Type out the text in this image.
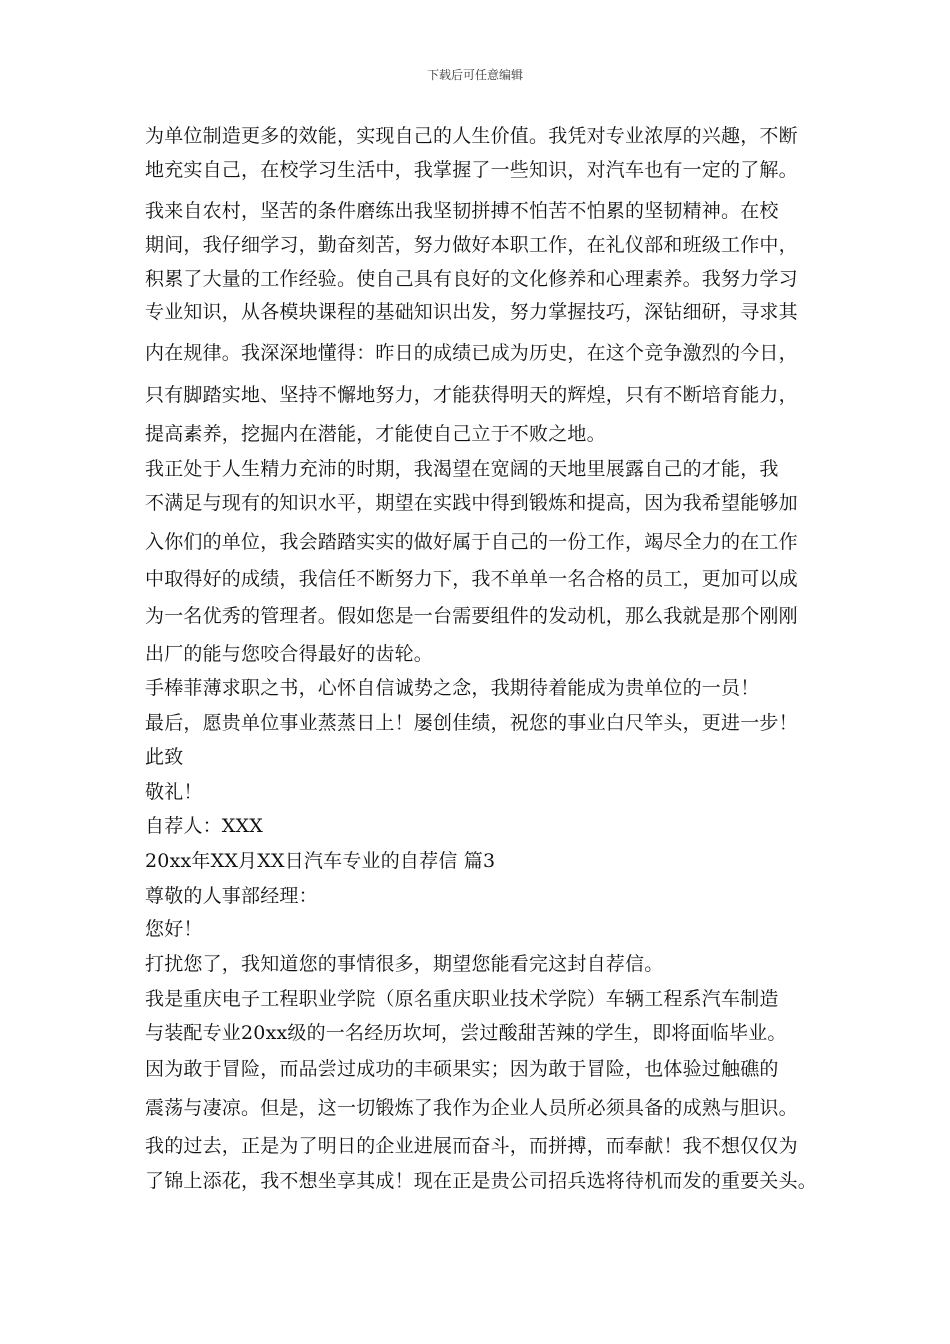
下载后可任意编辑
为单位制造更多的效能，实现自己的人生价值。我凭对专业浓厚的兴趣，不断
地充实自己，在校学习生活中，我掌握了一些知识，对汽车也有一定的了解。
我来自农村，坚苦的条件磨练出我坚韧拼搏不怕苦不怕累的坚韧精神。在校
期间，我仔细学习，勤奋刻苦，努力做好本职工作，在礼仪部和班级工作中，
积累了大量的工作经验。使自己具有良好的文化修养和心理素养。我努力学习
专业知识，从各模块课程的基础知识出发，努力掌握技巧，深钻细研，寻求其
内在规律。我深深地懂得：昨日的成绩已成为历史，在这个竞争激烈的今日，
只有脚踏实地、坚持不懈地努力，才能获得明天的辉煌，只有不断培育能力，
提高素养，挖掘内在潜能，才能使自己立于不败之地。
我正处于人生精力充沛的时期，我渴望在宽阔的天地里展露自己的才能，我
不满足与现有的知识水平，期望在实践中得到锻炼和提高，因为我希望能够加
入你们的单位，我会踏踏实实的做好属于自己的一份工作，竭尽全力的在工作
中取得好的成绩，我信任不断努力下，我不单单一名合格的员工，更加可以成
为一名优秀的管理者。假如您是一台需要组件的发动机，那么我就是那个刚刚
出厂的能与您咬合得最好的齿轮。
手棒菲薄求职之书，心怀自信诚势之念，我期待着能成为贵单位的一员！
最后，愿贵单位事业蒸蒸日上！屡创佳绩，祝您的事业白尺竿头，更进一步！
此致
敬礼！
自荐人：XXX
20xx年XX月XX日汽车专业的自荐信 篇3
尊敬的人事部经理：
您好！
打扰您了，我知道您的事情很多，期望您能看完这封自荐信。
我是重庆电子工程职业学院（原名重庆职业技术学院）车辆工程系汽车制造
与装配专业20xx级的一名经历坎坷，尝过酸甜苦辣的学生，即将面临毕业。
因为敢于冒险，而品尝过成功的丰硕果实；因为敢于冒险，也体验过触礁的
震荡与凄凉。但是，这一切锻炼了我作为企业人员所必须具备的成熟与胆识。
我的过去，正是为了明日的企业进展而奋斗，而拼搏，而奉献！我不想仅仅为
了锦上添花，我不想坐享其成！现在正是贵公司招兵选将待机而发的重要关头。
